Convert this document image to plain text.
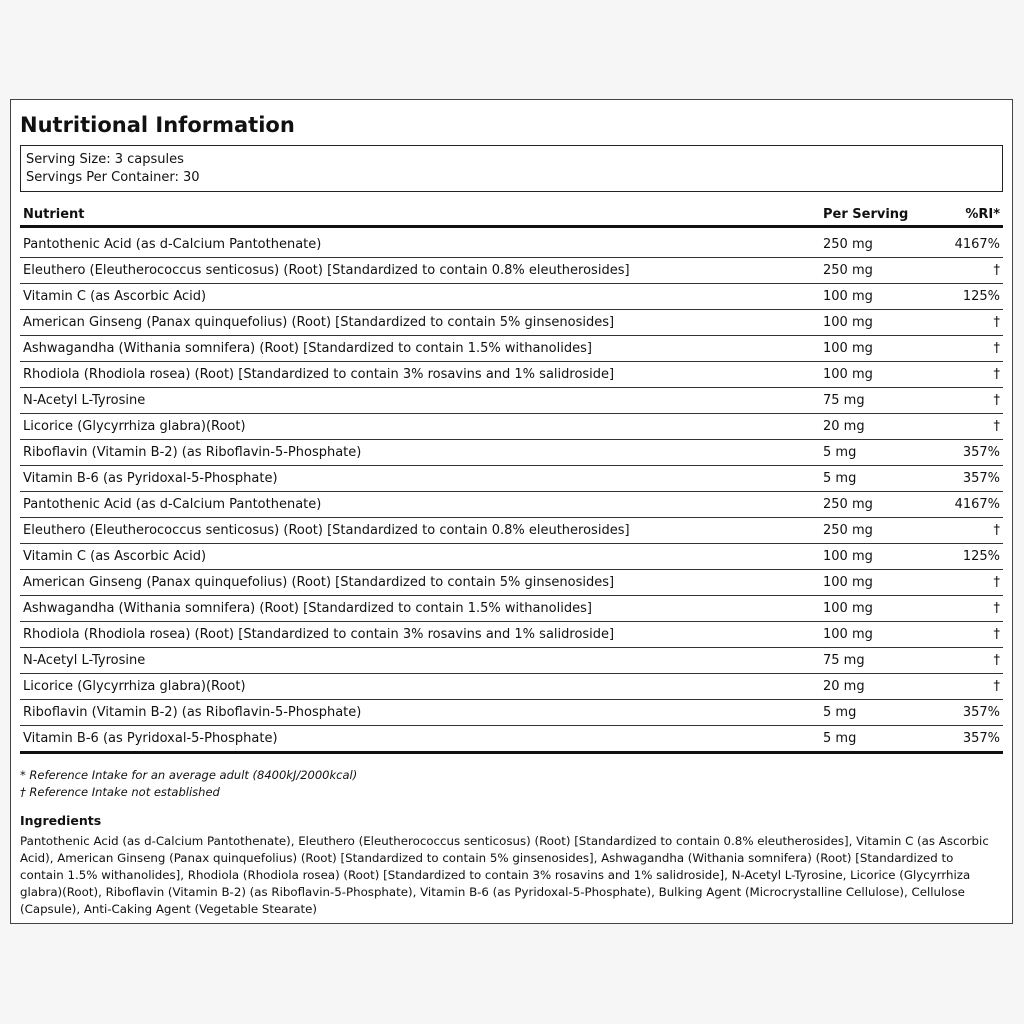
Nutritional Information
Serving Size: 3 capsules
Servings Per Container: 30
Nutrient	Per Serving	%RI*
Pantothenic Acid (as d-Calcium Pantothenate)	250 mg	4167%
Eleuthero (Eleutherococcus senticosus) (Root) [Standardized to contain 0.8% eleutherosides]	250 mg	†
Vitamin C (as Ascorbic Acid)	100 mg	125%
American Ginseng (Panax quinquefolius) (Root) [Standardized to contain 5% ginsenosides]	100 mg	†
Ashwagandha (Withania somnifera) (Root) [Standardized to contain 1.5% withanolides]	100 mg	†
Rhodiola (Rhodiola rosea) (Root) [Standardized to contain 3% rosavins and 1% salidroside]	100 mg	†
N-Acetyl L-Tyrosine	75 mg	†
Licorice (Glycyrrhiza glabra)(Root)	20 mg	†
Riboflavin (Vitamin B-2) (as Riboflavin-5-Phosphate)	5 mg	357%
Vitamin B-6 (as Pyridoxal-5-Phosphate)	5 mg	357%
Pantothenic Acid (as d-Calcium Pantothenate)	250 mg	4167%
Eleuthero (Eleutherococcus senticosus) (Root) [Standardized to contain 0.8% eleutherosides]	250 mg	†
Vitamin C (as Ascorbic Acid)	100 mg	125%
American Ginseng (Panax quinquefolius) (Root) [Standardized to contain 5% ginsenosides]	100 mg	†
Ashwagandha (Withania somnifera) (Root) [Standardized to contain 1.5% withanolides]	100 mg	†
Rhodiola (Rhodiola rosea) (Root) [Standardized to contain 3% rosavins and 1% salidroside]	100 mg	†
N-Acetyl L-Tyrosine	75 mg	†
Licorice (Glycyrrhiza glabra)(Root)	20 mg	†
Riboflavin (Vitamin B-2) (as Riboflavin-5-Phosphate)	5 mg	357%
Vitamin B-6 (as Pyridoxal-5-Phosphate)	5 mg	357%
* Reference Intake for an average adult (8400kJ/2000kcal)
† Reference Intake not established
Ingredients
Pantothenic Acid (as d-Calcium Pantothenate), Eleuthero (Eleutherococcus senticosus) (Root) [Standardized to contain 0.8% eleutherosides], Vitamin C (as Ascorbic Acid), American Ginseng (Panax quinquefolius) (Root) [Standardized to contain 5% ginsenosides], Ashwagandha (Withania somnifera) (Root) [Standardized to contain 1.5% withanolides], Rhodiola (Rhodiola rosea) (Root) [Standardized to contain 3% rosavins and 1% salidroside], N-Acetyl L-Tyrosine, Licorice (Glycyrrhiza glabra)(Root), Riboflavin (Vitamin B-2) (as Riboflavin-5-Phosphate), Vitamin B-6 (as Pyridoxal-5-Phosphate), Bulking Agent (Microcrystalline Cellulose), Cellulose (Capsule), Anti-Caking Agent (Vegetable Stearate)
